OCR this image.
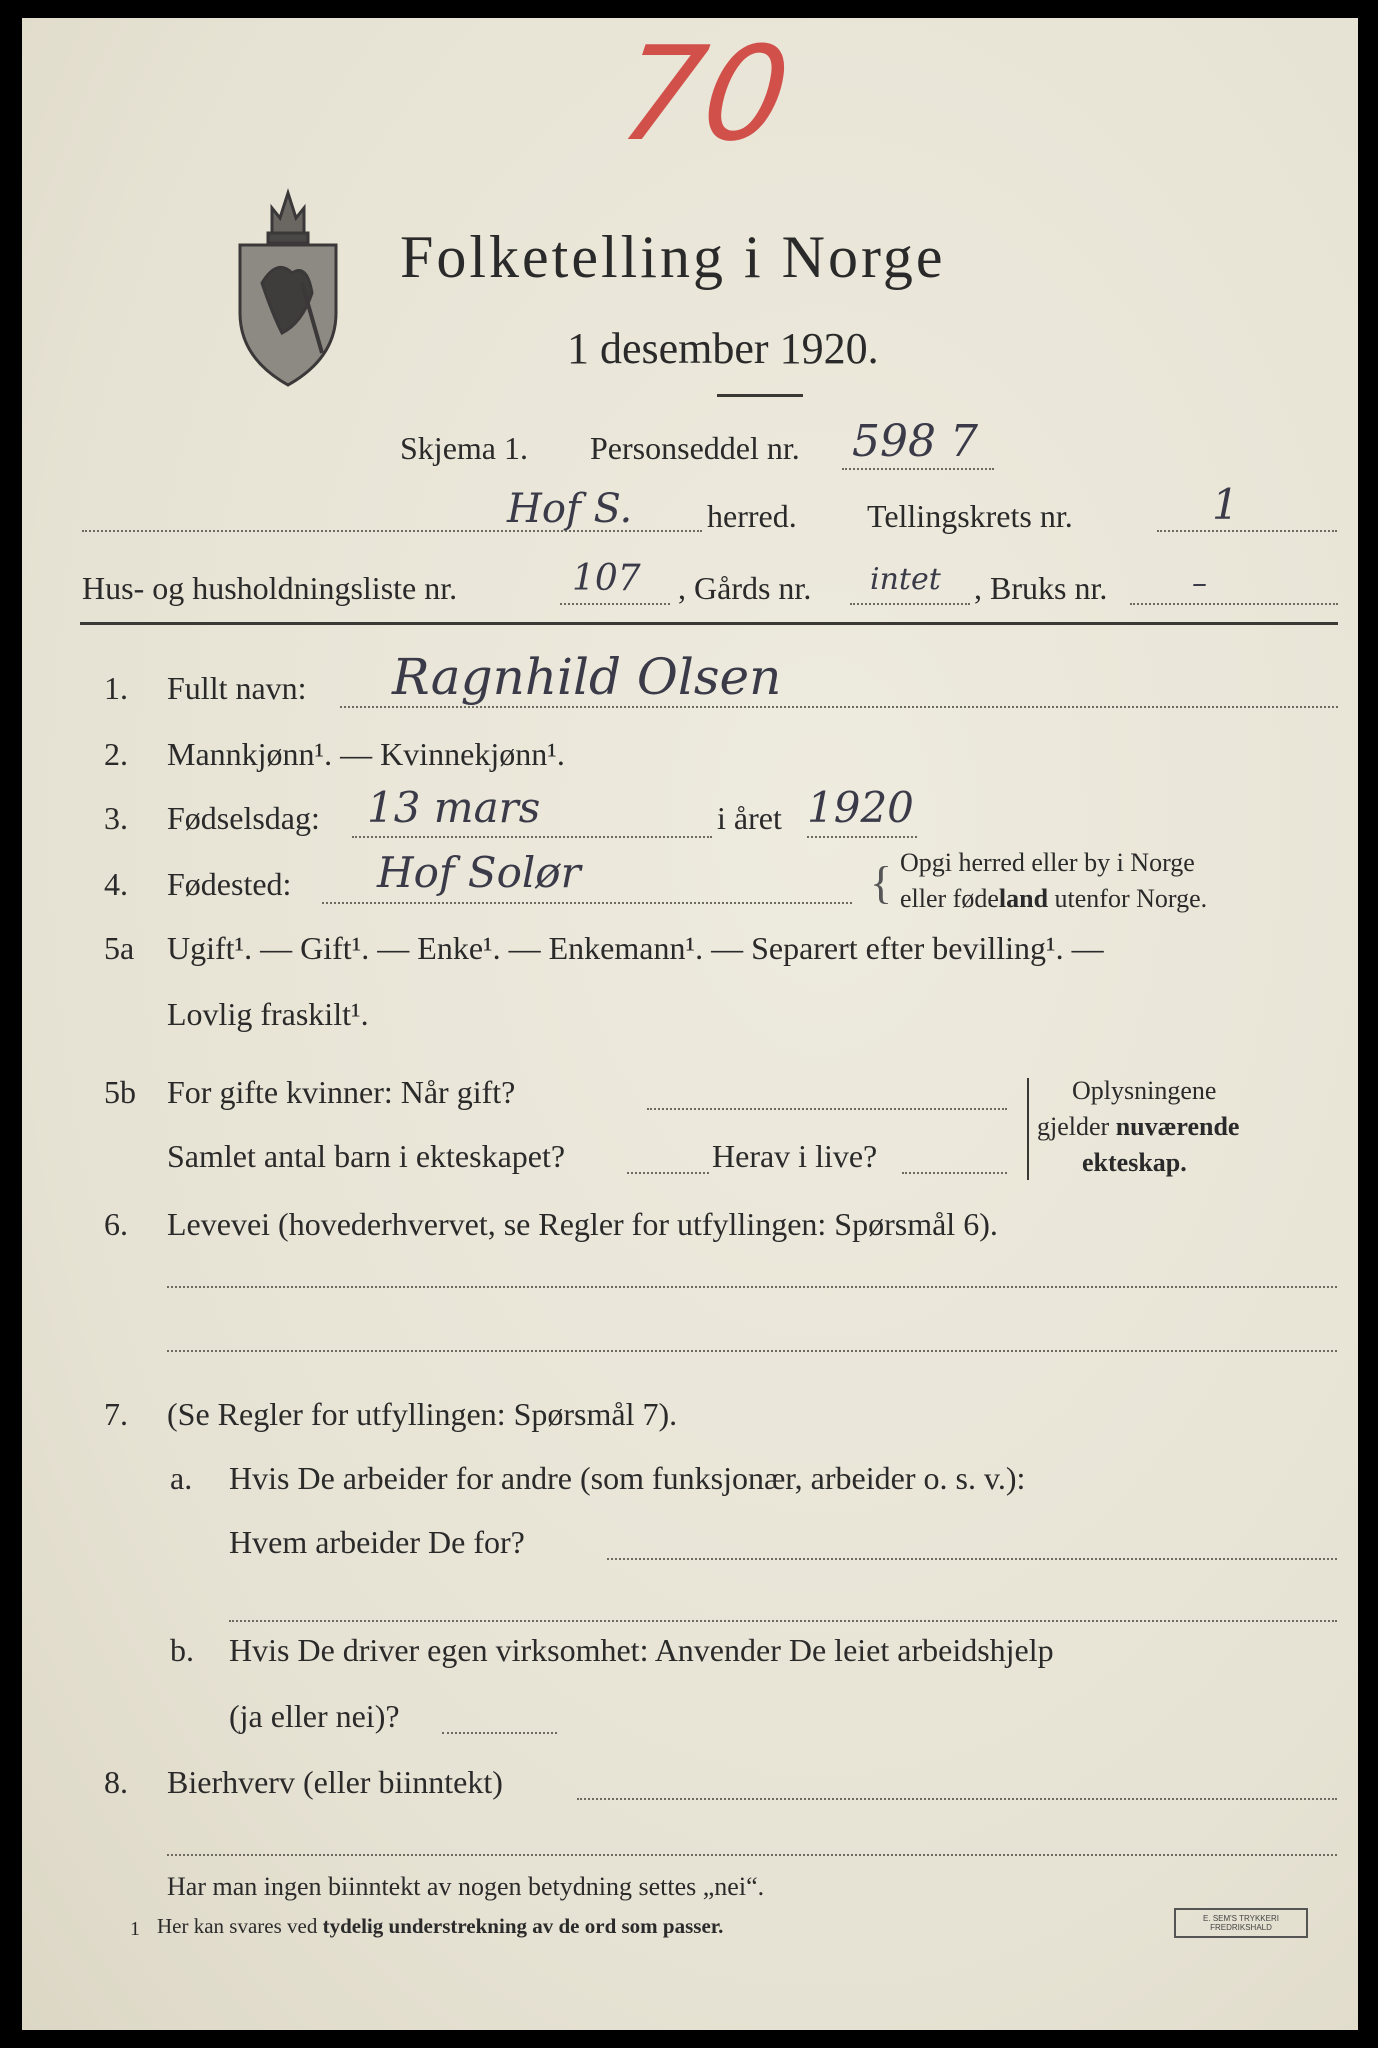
70
Folketelling i Norge
1 desember 1920.
Skjema 1. Personseddel nr. 598 7
Hof S. herred. Tellingskrets nr.	1
Hus- og husholdningsliste nr.	107 , Gårds nr. intet , Bruks nr.	–
1. Fullt navn: Ragnhild Olsen
2. Mannkjønn¹. — Kvinnekjønn¹.
3. Fødselsdag: 13 mars	i året 1920
4. Fødested: Hof Solør	{ Opgi herred eller by i Norge
eller fødeland utenfor Norge.
5a Ugift¹. — Gift¹. — Enke¹. — Enkemann¹. — Separert efter bevilling¹. —
Lovlig fraskilt¹.
5b For gifte kvinner: Når gift?
Samlet antal barn i ekteskapet?	Herav i live?
Oplysningene
gjelder nuværende
ekteskap.
6. Levevei (hovederhvervet, se Regler for utfyllingen: Spørsmål 6).
7. (Se Regler for utfyllingen: Spørsmål 7).
a. Hvis De arbeider for andre (som funksjonær, arbeider o. s. v.):
Hvem arbeider De for?
b. Hvis De driver egen virksomhet: Anvender De leiet arbeidshjelp
(ja eller nei)?
8. Bierhverv (eller biinntekt)
Har man ingen biinntekt av nogen betydning settes „nei“.
1 Her kan svares ved tydelig understrekning av de ord som passer.	E. SEM'S TRYKKERI FREDRIKSHALD
